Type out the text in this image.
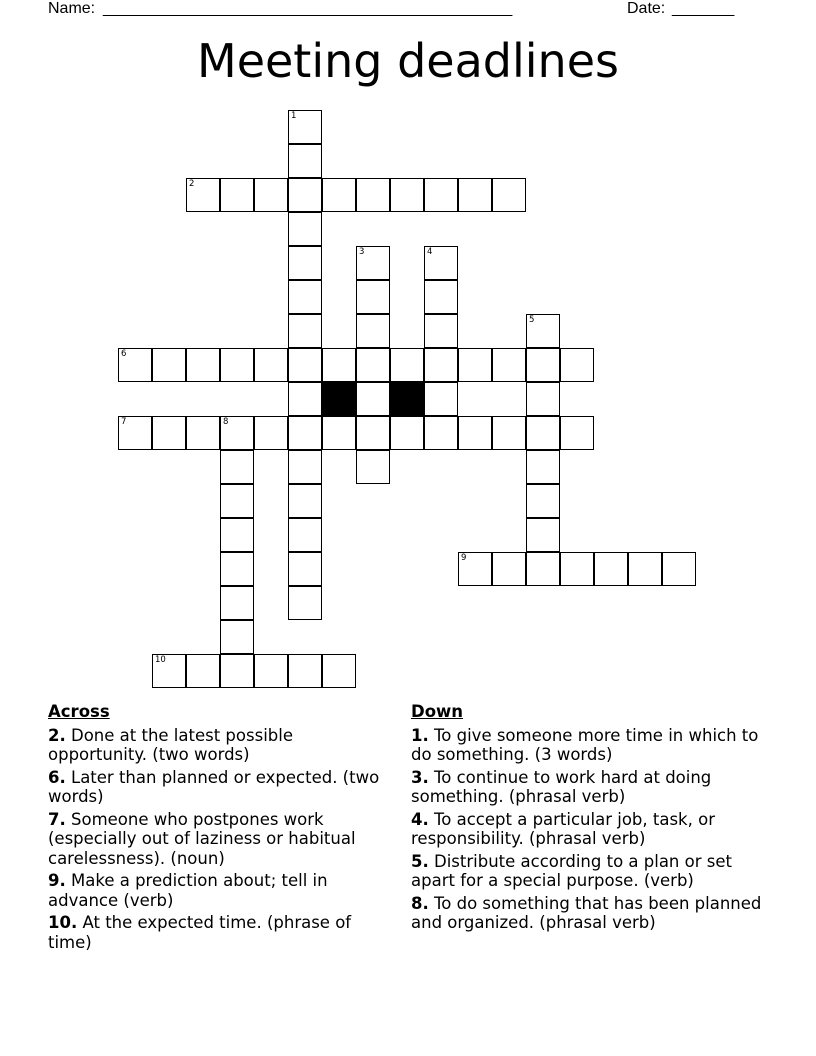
Name: ______________________________________________	Date: _______
Meeting deadlines
1
2
3	4
5
6
7	8
9
10
Across
2. Done at the latest possible opportunity. (two words)
6. Later than planned or expected. (two words)
7. Someone who postpones work (especially out of laziness or habitual carelessness). (noun)
9. Make a prediction about; tell in advance (verb)
10. At the expected time. (phrase of time)
Down
1. To give someone more time in which to do something. (3 words)
3. To continue to work hard at doing something. (phrasal verb)
4. To accept a particular job, task, or responsibility. (phrasal verb)
5. Distribute according to a plan or set apart for a special purpose. (verb)
8. To do something that has been planned and organized. (phrasal verb)
